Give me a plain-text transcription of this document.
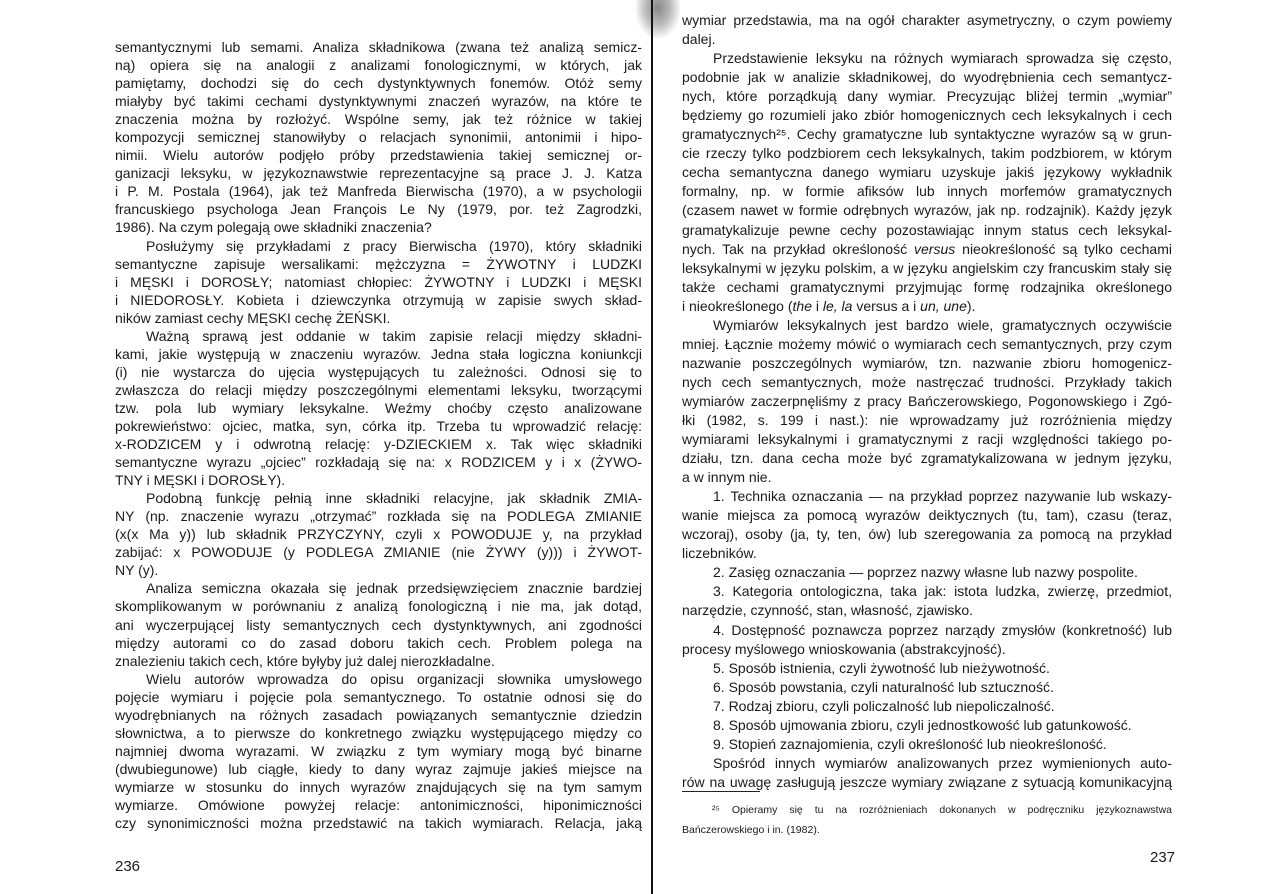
semantycznymi lub semami. Analiza składnikowa (zwana też analizą semicz-
ną) opiera się na analogii z analizami fonologicznymi, w których, jak
pamiętamy, dochodzi się do cech dystynktywnych fonemów. Otóż semy
miałyby być takimi cechami dystynktywnymi znaczeń wyrazów, na które te
znaczenia można by rozłożyć. Wspólne semy, jak też różnice w takiej
kompozycji semicznej stanowiłyby o relacjach synonimii, antonimii i hipo-
nimii. Wielu autorów podjęło próby przedstawienia takiej semicznej or-
ganizacji leksyku, w językoznawstwie reprezentacyjne są prace J. J. Katza
i P. M. Postala (1964), jak też Manfreda Bierwischa (1970), a w psychologii
francuskiego psychologa Jean François Le Ny (1979, por. też Zagrodzki,
1986). Na czym polegają owe składniki znaczenia?
Posłużymy się przykładami z pracy Bierwischa (1970), który składniki
semantyczne zapisuje wersalikami: mężczyzna = ŻYWOTNY i LUDZKI
i MĘSKI i DOROSŁY; natomiast chłopiec: ŻYWOTNY i LUDZKI i MĘSKI
i NIEDOROSŁY. Kobieta i dziewczynka otrzymują w zapisie swych skład-
ników zamiast cechy MĘSKI cechę ŻEŃSKI.
Ważną sprawą jest oddanie w takim zapisie relacji między składni-
kami, jakie występują w znaczeniu wyrazów. Jedna stała logiczna koniunkcji
(i) nie wystarcza do ujęcia występujących tu zależności. Odnosi się to
zwłaszcza do relacji między poszczególnymi elementami leksyku, tworzącymi
tzw. pola lub wymiary leksykalne. Weźmy choćby często analizowane
pokrewieństwo: ojciec, matka, syn, córka itp. Trzeba tu wprowadzić relację:
x-RODZICEM y i odwrotną relację: y-DZIECKIEM x. Tak więc składniki
semantyczne wyrazu „ojciec” rozkładają się na: x RODZICEM y i x (ŻYWO-
TNY i MĘSKI i DOROSŁY).
Podobną funkcję pełnią inne składniki relacyjne, jak składnik ZMIA-
NY (np. znaczenie wyrazu „otrzymać” rozkłada się na PODLEGA ZMIANIE
(x(x Ma y)) lub składnik PRZYCZYNY, czyli x POWODUJE y, na przykład
zabijać: x POWODUJE (y PODLEGA ZMIANIE (nie ŻYWY (y))) i ŻYWOT-
NY (y).
Analiza semiczna okazała się jednak przedsięwzięciem znacznie bardziej
skomplikowanym w porównaniu z analizą fonologiczną i nie ma, jak dotąd,
ani wyczerpującej listy semantycznych cech dystynktywnych, ani zgodności
między autorami co do zasad doboru takich cech. Problem polega na
znalezieniu takich cech, które byłyby już dalej nierozkładalne.
Wielu autorów wprowadza do opisu organizacji słownika umysłowego
pojęcie wymiaru i pojęcie pola semantycznego. To ostatnie odnosi się do
wyodrębnianych na różnych zasadach powiązanych semantycznie dziedzin
słownictwa, a to pierwsze do konkretnego związku występującego między co
najmniej dwoma wyrazami. W związku z tym wymiary mogą być binarne
(dwubiegunowe) lub ciągłe, kiedy to dany wyraz zajmuje jakieś miejsce na
wymiarze w stosunku do innych wyrazów znajdujących się na tym samym
wymiarze. Omówione powyżej relacje: antonimiczności, hiponimiczności
czy synonimiczności można przedstawić na takich wymiarach. Relacja, jaką
wymiar przedstawia, ma na ogół charakter asymetryczny, o czym powiemy
dalej.
Przedstawienie leksyku na różnych wymiarach sprowadza się często,
podobnie jak w analizie składnikowej, do wyodrębnienia cech semantycz-
nych, które porządkują dany wymiar. Precyzując bliżej termin „wymiar”
będziemy go rozumieli jako zbiór homogenicznych cech leksykalnych i cech
gramatycznych²⁵. Cechy gramatyczne lub syntaktyczne wyrazów są w grun-
cie rzeczy tylko podzbiorem cech leksykalnych, takim podzbiorem, w którym
cecha semantyczna danego wymiaru uzyskuje jakiś językowy wykładnik
formalny, np. w formie afiksów lub innych morfemów gramatycznych
(czasem nawet w formie odrębnych wyrazów, jak np. rodzajnik). Każdy język
gramatykalizuje pewne cechy pozostawiając innym status cech leksykal-
nych. Tak na przykład określoność versus nieokreśloność są tylko cechami
leksykalnymi w języku polskim, a w języku angielskim czy francuskim stały się
także cechami gramatycznymi przyjmując formę rodzajnika określonego
i nieokreślonego (the i le, la versus a i un, une).
Wymiarów leksykalnych jest bardzo wiele, gramatycznych oczywiście
mniej. Łącznie możemy mówić o wymiarach cech semantycznych, przy czym
nazwanie poszczególnych wymiarów, tzn. nazwanie zbioru homogenicz-
nych cech semantycznych, może nastręczać trudności. Przykłady takich
wymiarów zaczerpnęliśmy z pracy Bańczerowskiego, Pogonowskiego i Zgó-
łki (1982, s. 199 i nast.): nie wprowadzamy już rozróżnienia między
wymiarami leksykalnymi i gramatycznymi z racji względności takiego po-
działu, tzn. dana cecha może być zgramatykalizowana w jednym języku,
a w innym nie.
1. Technika oznaczania — na przykład poprzez nazywanie lub wskazy-
wanie miejsca za pomocą wyrazów deiktycznych (tu, tam), czasu (teraz,
wczoraj), osoby (ja, ty, ten, ów) lub szeregowania za pomocą na przykład
liczebników.
2. Zasięg oznaczania — poprzez nazwy własne lub nazwy pospolite.
3. Kategoria ontologiczna, taka jak: istota ludzka, zwierzę, przedmiot,
narzędzie, czynność, stan, własność, zjawisko.
4. Dostępność poznawcza poprzez narządy zmysłów (konkretność) lub
procesy myślowego wnioskowania (abstrakcyjność).
5. Sposób istnienia, czyli żywotność lub nieżywotność.
6. Sposób powstania, czyli naturalność lub sztuczność.
7. Rodzaj zbioru, czyli policzalność lub niepoliczalność.
8. Sposób ujmowania zbioru, czyli jednostkowość lub gatunkowość.
9. Stopień zaznajomienia, czyli określoność lub nieokreśloność.
Spośród innych wymiarów analizowanych przez wymienionych auto-
rów na uwagę zasługują jeszcze wymiary związane z sytuacją komunikacyjną
²⁵ Opieramy się tu na rozróżnieniach dokonanych w podręczniku językoznawstwa
Bańczerowskiego i in. (1982).
236
237
